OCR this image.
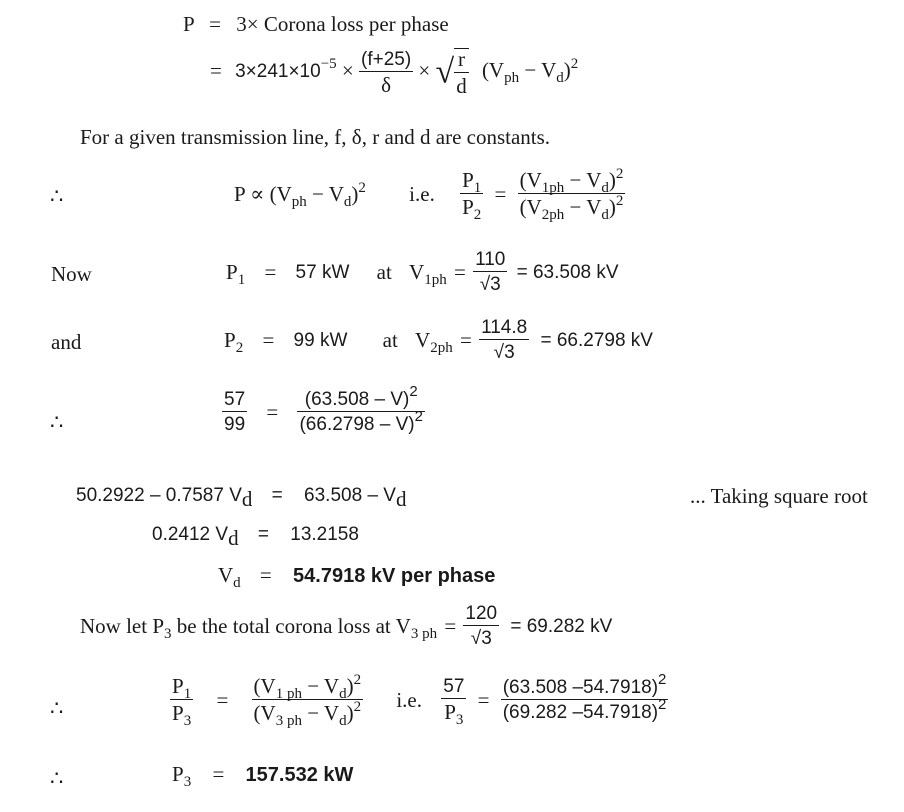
P = 3× Corona loss per phase
= $3\times 241\times 10^{-5} \times \frac{(f+25)}{\delta}$ × √ $\frac{r}{d} (V_{ph} - V_d)^2$
For a given transmission line, f, δ, r and d are constants.
∴	$P \propto (V_{ph} - V_d)^2$ i.e. $\frac{P_1}{P_2} = \frac{(V_{1ph} - V_d)^2}{(V_{2ph} - V_d)^2}$
Now	$P_1 = 57$ kW at $V_{1ph} = \frac{110}{√3} = 63.508$ kV
and	$P_2 = 99$ kW at $V_{2ph} = \frac{114.8}{√3} = 66.2798$ kV
∴	$\frac{57}{99} = \frac{(63.508 - V)^2}{(66.2798 - V)^2}$
50.2922 – 0.7587 $V_d = 63.508 - V_d$	... Taking square root
0.2412 $V_d = 13.2158$
$V_d = 54.7918$ kV per phase
Now let $P_3$ be the total corona loss at $V_{3 ph} = \frac{120}{√3} = 69.282$ kV
∴	$\frac{P_1}{P_3} = \frac{(V_{1 ph} - V_d)^2}{(V_{3 ph} - V_d)^2} i.e$. $\frac{57}{P_3} = \frac{(63.508 -54.7918)^2}{(69.282 -54.7918)^2}$
∴	$P_3 = 157.532$ kW
